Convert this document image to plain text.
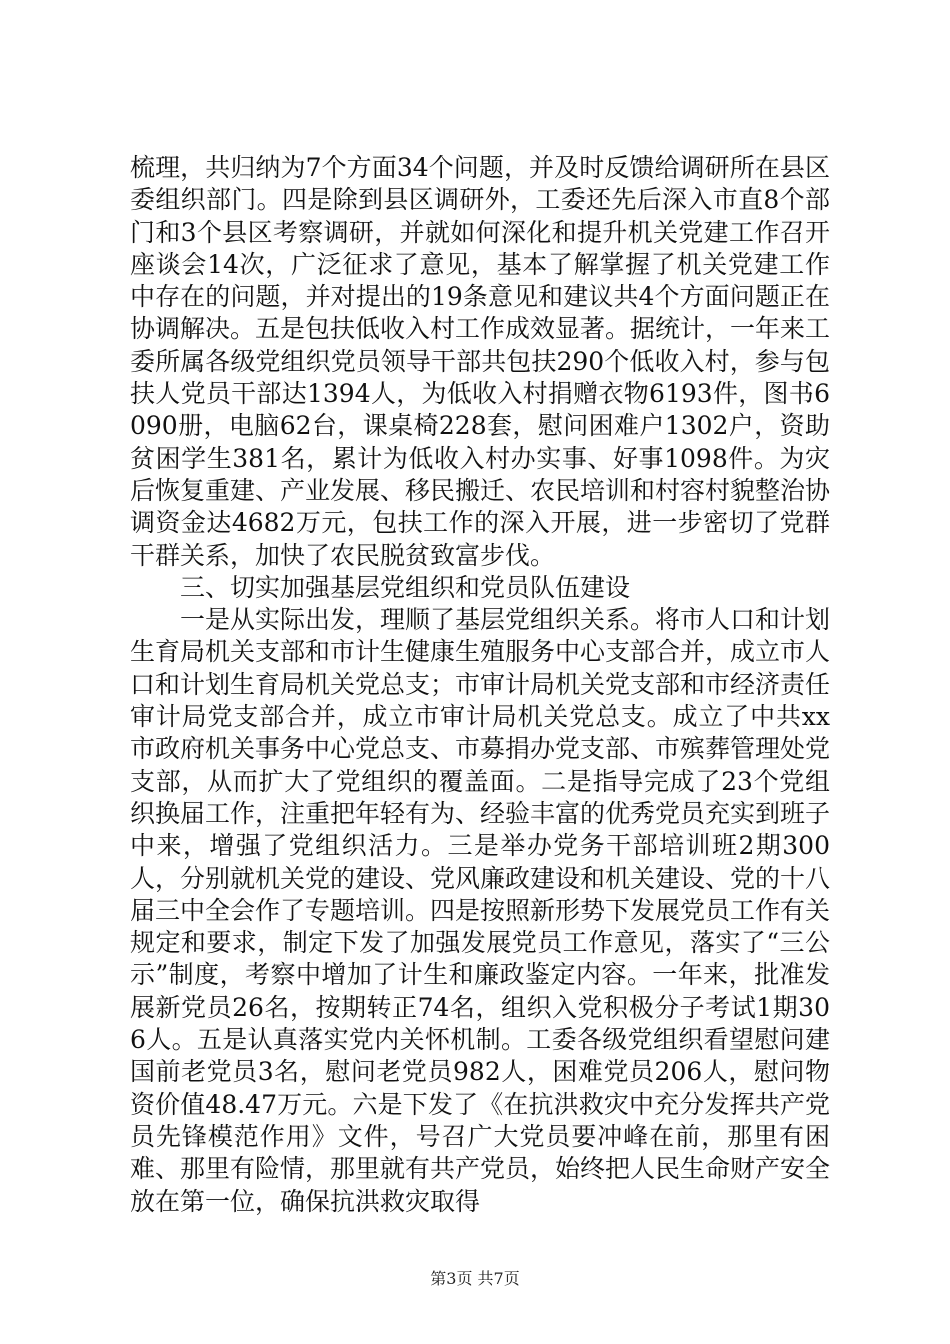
梳理，共归纳为7个方面34个问题，并及时反馈给调研所在县区委组织部门。四是除到县区调研外，工委还先后深入市直8个部门和3个县区考察调研，并就如何深化和提升机关党建工作召开座谈会14次，广泛征求了意见，基本了解掌握了机关党建工作中存在的问题，并对提出的19条意见和建议共4个方面问题正在协调解决。五是包扶低收入村工作成效显著。据统计，一年来工委所属各级党组织党员领导干部共包扶290个低收入村，参与包扶人党员干部达1394人，为低收入村捐赠衣物6193件，图书6090册，电脑62台，课桌椅228套，慰问困难户1302户，资助贫困学生381名，累计为低收入村办实事、好事1098件。为灾后恢复重建、产业发展、移民搬迁、农民培训和村容村貌整治协调资金达4682万元，包扶工作的深入开展，进一步密切了党群干群关系，加快了农民脱贫致富步伐。

三、切实加强基层党组织和党员队伍建设

一是从实际出发，理顺了基层党组织关系。将市人口和计划生育局机关支部和市计生健康生殖服务中心支部合并，成立市人口和计划生育局机关党总支；市审计局机关党支部和市经济责任审计局党支部合并，成立市审计局机关党总支。成立了中共xx市政府机关事务中心党总支、市募捐办党支部、市殡葬管理处党支部，从而扩大了党组织的覆盖面。二是指导完成了23个党组织换届工作，注重把年轻有为、经验丰富的优秀党员充实到班子中来，增强了党组织活力。三是举办党务干部培训班2期300人，分别就机关党的建设、党风廉政建设和机关建设、党的十八届三中全会作了专题培训。四是按照新形势下发展党员工作有关规定和要求，制定下发了加强发展党员工作意见，落实了“三公示”制度，考察中增加了计生和廉政鉴定内容。一年来，批准发展新党员26名，按期转正74名，组织入党积极分子考试1期306人。五是认真落实党内关怀机制。工委各级党组织看望慰问建国前老党员3名，慰问老党员982人，困难党员206人，慰问物资价值48.47万元。六是下发了《在抗洪救灾中充分发挥共产党员先锋模范作用》文件，号召广大党员要冲峰在前，那里有困难、那里有险情，那里就有共产党员，始终把人民生命财产安全放在第一位，确保抗洪救灾取得

第3页 共7页
